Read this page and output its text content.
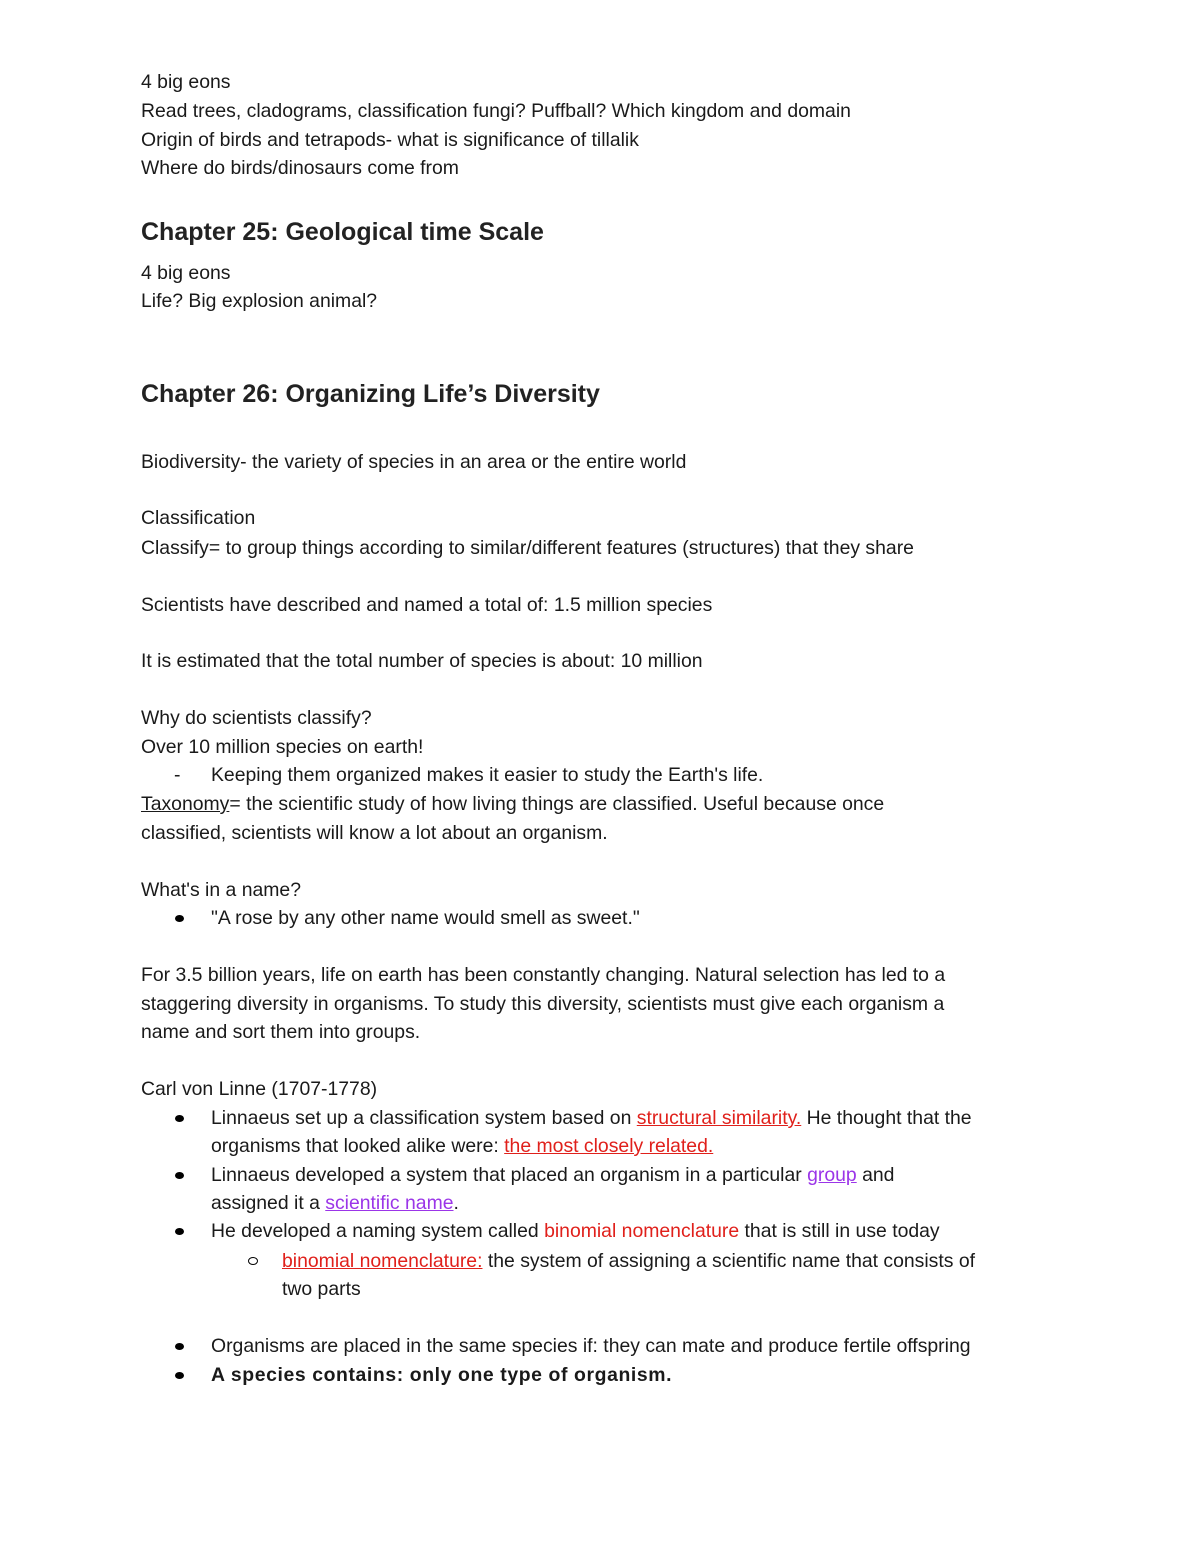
4 big eons

Read trees, cladograms, classification fungi? Puffball? Which kingdom and domain

Origin of birds and tetrapods- what is significance of tillalik

Where do birds/dinosaurs come from

Chapter 25: Geological time Scale

4 big eons

Life? Big explosion animal?

Chapter 26: Organizing Life’s Diversity

Biodiversity- the variety of species in an area or the entire world

Classification

Classify= to group things according to similar/different features (structures) that they share

Scientists have described and named a total of: 1.5 million species

It is estimated that the total number of species is about: 10 million

Why do scientists classify?

Over 10 million species on earth!

- Keeping them organized makes it easier to study the Earth's life.

Taxonomy= the scientific study of how living things are classified. Useful because once

classified, scientists will know a lot about an organism.

What's in a name?

"A rose by any other name would smell as sweet."

For 3.5 billion years, life on earth has been constantly changing. Natural selection has led to a

staggering diversity in organisms. To study this diversity, scientists must give each organism a

name and sort them into groups.

Carl von Linne (1707-1778)

Linnaeus set up a classification system based on structural similarity. He thought that the
organisms that looked alike were: the most closely related.
Linnaeus developed a system that placed an organism in a particular group and
assigned it a scientific name.
He developed a naming system called binomial nomenclature that is still in use today
binomial nomenclature: the system of assigning a scientific name that consists of
two parts
Organisms are placed in the same species if: they can mate and produce fertile offspring
A species contains: only one type of organism.
